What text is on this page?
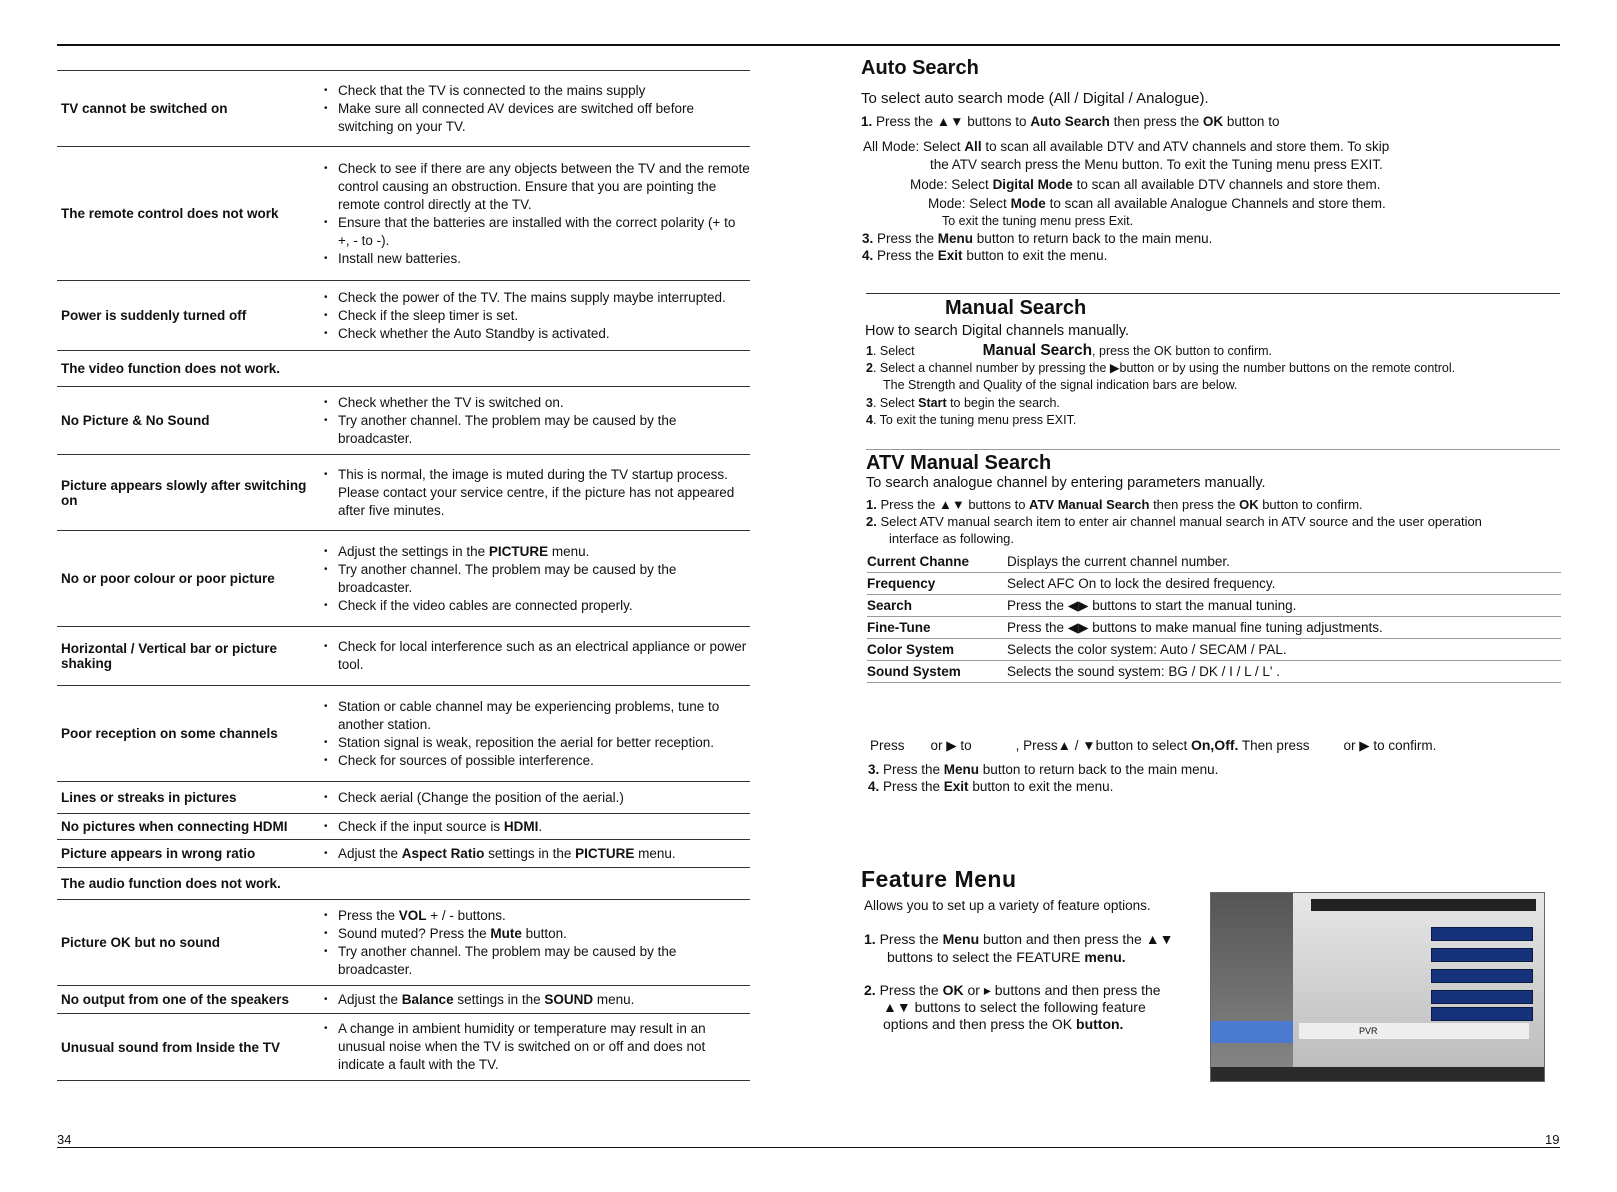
TV cannot be switched on
• Check that the TV is connected to the mains supply
• Make sure all connected AV devices are switched off before switching on your TV.
The remote control does not work
• Check to see if there are any objects between the TV and the remote control causing an obstruction. Ensure that you are pointing the remote control directly at the TV.
• Ensure that the batteries are installed with the correct polarity (+ to +, - to -).
• Install new batteries.
Power is suddenly turned off
• Check the power of the TV. The mains supply maybe interrupted.
• Check if the sleep timer is set.
• Check whether the Auto Standby is activated.
The video function does not work.
No Picture & No Sound
• Check whether the TV is switched on.
• Try another channel. The problem may be caused by the broadcaster.
Picture appears slowly after switching on
• This is normal, the image is muted during the TV startup process. Please contact your service centre, if the picture has not appeared after five minutes.
No or poor colour or poor picture
• Adjust the settings in the PICTURE menu.
• Try another channel. The problem may be caused by the broadcaster.
• Check if the video cables are connected properly.
Horizontal / Vertical bar or picture shaking
• Check for local interference such as an electrical appliance or power tool.
Poor reception on some channels
• Station or cable channel may be experiencing problems, tune to another station.
• Station signal is weak, reposition the aerial for better reception.
• Check for sources of possible interference.
Lines or streaks in pictures	• Check aerial (Change the position of the aerial.)
No pictures when connecting HDMI	• Check if the input source is HDMI.
Picture appears in wrong ratio	• Adjust the Aspect Ratio settings in the PICTURE menu.
The audio function does not work.
Picture OK but no sound
• Press the VOL + / - buttons.
• Sound muted? Press the Mute button.
• Try another channel. The problem may be caused by the broadcaster.
No output from one of the speakers	• Adjust the Balance settings in the SOUND menu.
Unusual sound from Inside the TV
• A change in ambient humidity or temperature may result in an unusual noise when the TV is switched on or off and does not indicate a fault with the TV.
Auto Search
To select auto search mode (All / Digital / Analogue).
1. Press the ▲▼ buttons to Auto Search then press the OK button to
All Mode: Select All to scan all available DTV and ATV channels and store them. To skip
the ATV search press the Menu button. To exit the Tuning menu press EXIT.
Mode: Select Digital Mode to scan all available DTV channels and store them.
Mode: Select Mode to scan all available Analogue Channels and store them.
To exit the tuning menu press Exit.
3. Press the Menu button to return back to the main menu.
4. Press the Exit button to exit the menu.
Manual Search
How to search Digital channels manually.
1. Select	Manual Search, press the OK button to confirm.
2. Select a channel number by pressing the ▶button or by using the number buttons on the remote control.
The Strength and Quality of the signal indication bars are below.
3. Select Start to begin the search.
4. To exit the tuning menu press EXIT.
ATV Manual Search
To search analogue channel by entering parameters manually.
1. Press the ▲▼ buttons to ATV Manual Search then press the OK button to confirm.
2. Select ATV manual search item to enter air channel manual search in ATV source and the user operation
interface as following.
Current Channe	Displays the current channel number.
Frequency	Select AFC On to lock the desired frequency.
Search	Press the ◀▶ buttons to start the manual tuning.
Fine-Tune	Press the ◀▶ buttons to make manual fine tuning adjustments.
Color System	Selects the color system: Auto / SECAM / PAL.
Sound System	Selects the sound system: BG / DK / I / L / L' .
Press or ▶ to	, Press▲ / ▼button to select On,Off. Then press	or ▶ to confirm.
3. Press the Menu button to return back to the main menu.
4. Press the Exit button to exit the menu.
Feature Menu
Allows you to set up a variety of feature options.
1. Press the Menu button and then press the ▲▼
buttons to select the FEATURE menu.
2. Press the OK or ▸ buttons and then press the
▲▼ buttons to select the following feature
options and then press the OK button.	PVR
34	19
